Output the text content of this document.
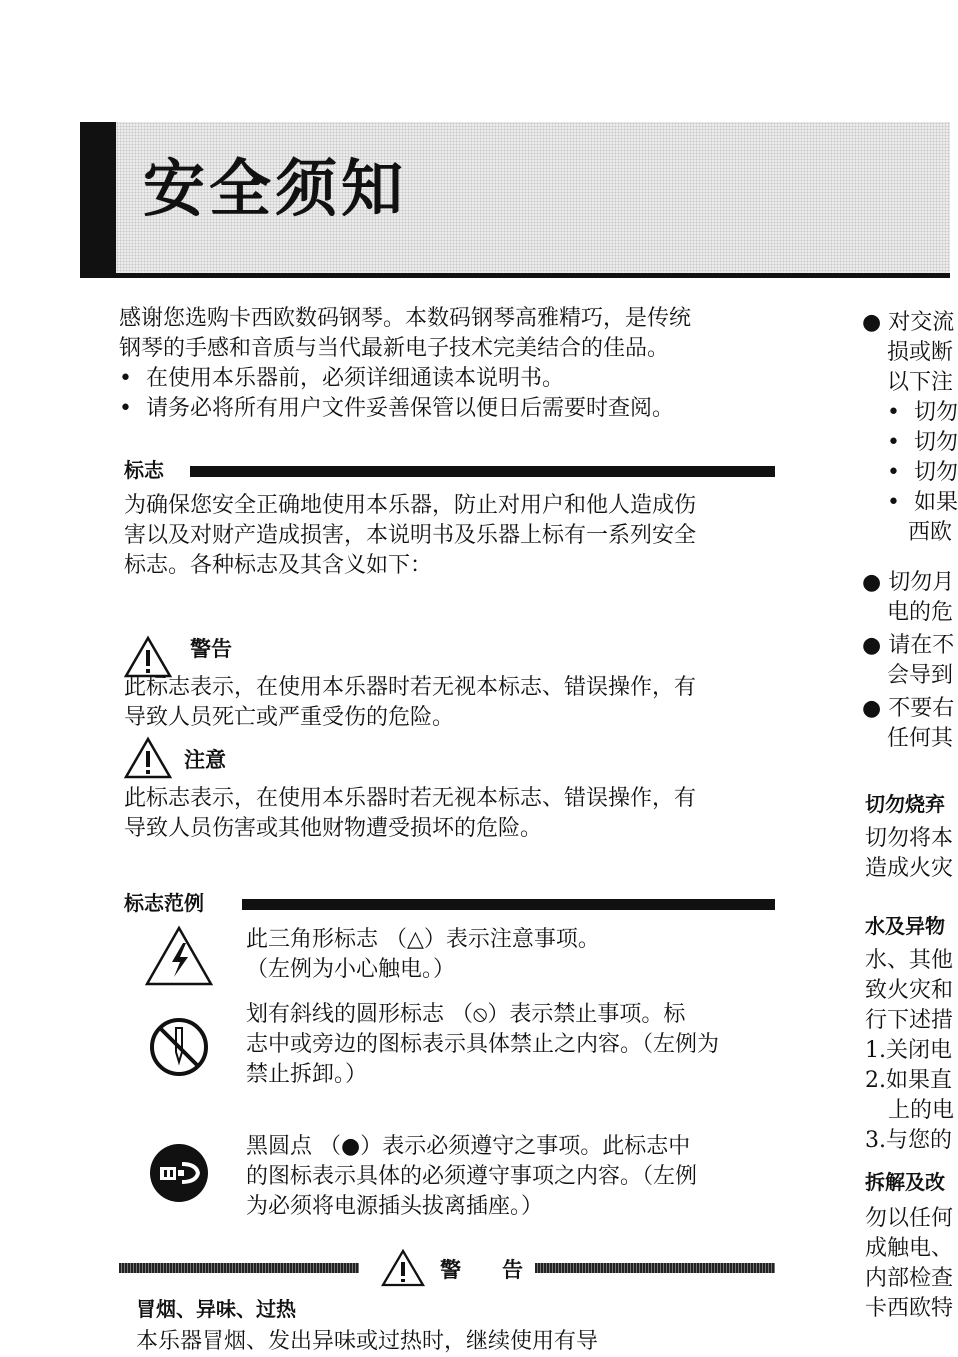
安全须知
感谢您选购卡西欧数码钢琴。本数码钢琴高雅精巧，是传统
钢琴的手感和音质与当代最新电子技术完美结合的佳品。
•  在使用本乐器前，必须详细通读本说明书。
•  请务必将所有用户文件妥善保管以便日后需要时查阅。
标志
为确保您安全正确地使用本乐器，防止对用户和他人造成伤
害以及对财产造成损害，本说明书及乐器上标有一系列安全
标志。各种标志及其含义如下：
警告
此标志表示，在使用本乐器时若无视本标志、错误操作，有
导致人员死亡或严重受伤的危险。
注意
此标志表示，在使用本乐器时若无视本标志、错误操作，有
导致人员伤害或其他财物遭受损坏的危险。
标志范例
此三角形标志 （△）表示注意事项。
（左例为小心触电。）
划有斜线的圆形标志 （⦸）表示禁止事项。标
志中或旁边的图标表示具体禁止之内容。（左例为
禁止拆卸。）
黑圆点 （●）表示必须遵守之事项。此标志中
的图标表示具体的必须遵守事项之内容。（左例
为必须将电源插头拔离插座。）
警　告
冒烟、异味、过热
本乐器冒烟、发出异味或过热时，继续使用有导
● 对交流
损或断
以下注
•  切勿
•  切勿
•  切勿
•  如果
西欧
● 切勿月
电的危
● 请在不
会导到
● 不要右
任何其
切勿烧弃
切勿将本
造成火灾
水及异物
水、其他
致火灾和
行下述措
1.关闭电
2.如果直
上的电
3.与您的
拆解及改
勿以任何
成触电、
内部检查
卡西欧特
